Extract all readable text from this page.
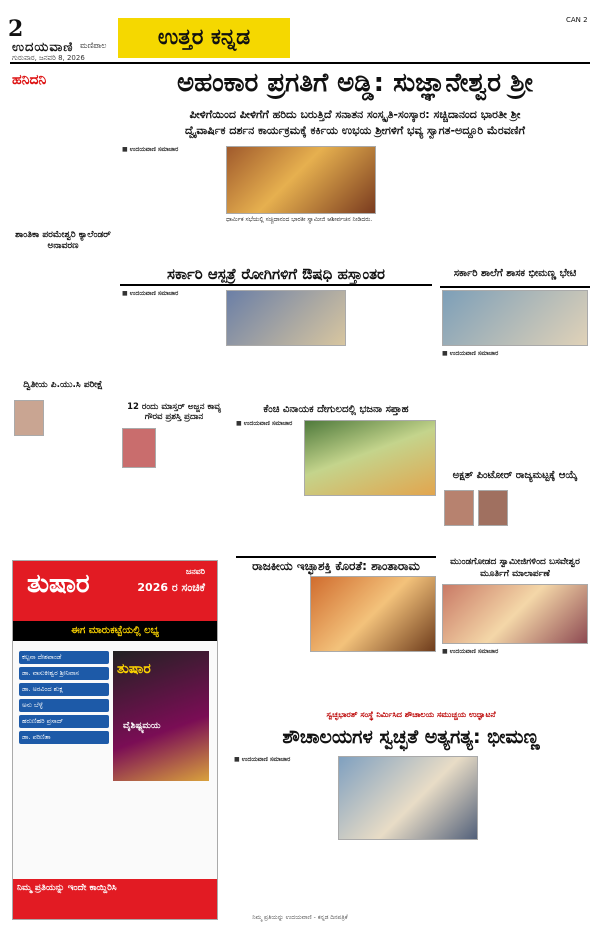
2
ಉದಯವಾಣಿ ಮಣಿಪಾಲ
ಗುರುವಾರ, ಜನವರಿ 8, 2026
ಉತ್ತರ ಕನ್ನಡ
CAN 2
ಹನಿದನಿ
ಶಾಂತಿಕಾ ಪರಮೇಶ್ವರಿ ಕ್ಯಾಲೆಂಡರ್ ಅನಾವರಣ
ದ್ವಿತೀಯ ಪಿ.ಯು.ಸಿ ಪರೀಕ್ಷೆ
ಅಹಂಕಾರ ಪ್ರಗತಿಗೆ ಅಡ್ಡಿ: ಸುಜ್ಞಾನೇಶ್ವರ ಶ್ರೀ
ಪೀಳಿಗೆಯಿಂದ ಪೀಳಿಗೆಗೆ ಹರಿದು ಬರುತ್ತಿದೆ ಸನಾತನ ಸಂಸ್ಕೃತಿ-ಸಂಸ್ಕಾರ: ಸಚ್ಚಿದಾನಂದ ಭಾರತೀ ಶ್ರೀ
ದ್ವೈವಾರ್ಷಿಕ ದರ್ಶನ ಕಾರ್ಯಕ್ರಮಕ್ಕೆ ಕರ್ಕಿಯ ಉಭಯ ಶ್ರೀಗಳಿಗೆ ಭವ್ಯ ಸ್ವಾಗತ-ಅದ್ದೂರಿ ಮೆರವಣಿಗೆ
■ ಉದಯವಾಣಿ ಸಮಾಚಾರ
ಧಾರ್ಮಿಕ ಸಭೆಯಲ್ಲಿ ಸಚ್ಚಿದಾನಂದ ಭಾರತೀ ಸ್ವಾಮೀಜಿ ಆಶೀರ್ವಚನ ನೀಡಿದರು.
ಸರ್ಕಾರಿ ಆಸ್ಪತ್ರೆ ರೋಗಿಗಳಿಗೆ ಔಷಧಿ ಹಸ್ತಾಂತರ
■ ಉದಯವಾಣಿ ಸಮಾಚಾರ
ಸರ್ಕಾರಿ ಶಾಲೆಗೆ ಶಾಸಕ ಭೀಮಣ್ಣ ಭೇಟಿ
■ ಉದಯವಾಣಿ ಸಮಾಚಾರ
12 ರಂದು ಮಾಸ್ತರ್ ಅಜ್ಜನ ಕಾವ್ಯ ಗೌರವ ಪ್ರಶಸ್ತಿ ಪ್ರದಾನ
ಕೆಂಚಿ ವಿನಾಯಕ ದೇಗುಲದಲ್ಲಿ ಭಜನಾ ಸಪ್ತಾಹ
■ ಉದಯವಾಣಿ ಸಮಾಚಾರ
ಅಕ್ಷತ್ ಪಿಂಟೋರ್ ರಾಜ್ಯಮಟ್ಟಕ್ಕೆ ಆಯ್ಕೆ
ರಾಜಕೀಯ ಇಚ್ಛಾಶಕ್ತಿ ಕೊರತೆ: ಶಾಂತಾರಾಮ	ಮುಂಡಗೋಡದ ಸ್ವಾಮೀಜಿಗಳಿಂದ ಬಸವೇಶ್ವರ ಮೂರ್ತಿಗೆ ಮಾಲಾರ್ಪಣೆ
■ ಉದಯವಾಣಿ ಸಮಾಚಾರ
ತುಷಾರ	ಜನವರಿ
2026 ರ ಸಂಚಿಕೆ
ಈಗ ಮಾರುಕಟ್ಟೆಯಲ್ಲಿ ಲಭ್ಯ
ಕಲ್ಪನಾ ದೇಶಪಾಂಡೆ
ಡಾ. ವಾಸುಕೀಶ್ವರ ಶ್ರೀನಿವಾಸ
ಡಾ. ಅರವಿಂದ ಶುಕ್ಲ
ಅನು ಬೆಳ್ಳೆ
ಹರುಣಿಹರಿ ಪ್ರಸಾದ್
ಡಾ. ಪರಿಣಿತಾ
ತುಷಾರ
ವೈಶಿಷ್ಟ್ಯಮಯ
ನಿಮ್ಮ ಪ್ರತಿಯನ್ನು ಇಂದೇ ಕಾಯ್ದಿರಿಸಿ
ಸ್ವಚ್ಛಭಾರತ್ ಸಂಸ್ಥೆ ನಿರ್ಮಿಸಿದ ಶೌಚಾಲಯ ಸಮುಚ್ಚಯ ಉದ್ಘಾಟನೆ
ಶೌಚಾಲಯಗಳ ಸ್ವಚ್ಛತೆ ಅತ್ಯಗತ್ಯ: ಭೀಮಣ್ಣ
■ ಉದಯವಾಣಿ ಸಮಾಚಾರ
ನಿಮ್ಮ ಪ್ರತಿಯನ್ನು ಉದಯವಾಣಿ - ಕನ್ನಡ ದಿನಪತ್ರಿಕೆ
